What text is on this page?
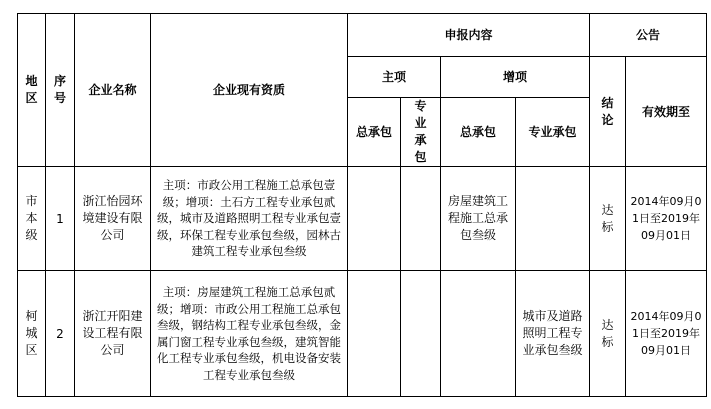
地区	序号	企业名称	企业现有资质	申报内容				公告	
				主项		增项		结论	有效期至

				总承包	专业承包	总承包	专业承包		

市本级	1	浙江怡园环境建设有限公司	主项：市政公用工程施工总承包壹级；增项：土石方工程专业承包贰级，城市及道路照明工程专业承包壹级，环保工程专业承包叁级，园林古建筑工程专业承包叁级			房屋建筑工程施工总承包叁级		达标	2014年09月01日至2019年09月01日

柯城区	2	浙江开阳建设工程有限公司	主项：房屋建筑工程施工总承包贰级；增项：市政公用工程施工总承包叁级，钢结构工程专业承包叁级，金属门窗工程专业承包叁级，建筑智能化工程专业承包叁级，机电设备安装工程专业承包叁级				城市及道路照明工程专业承包叁级	达标	2014年09月01日至2019年09月01日
